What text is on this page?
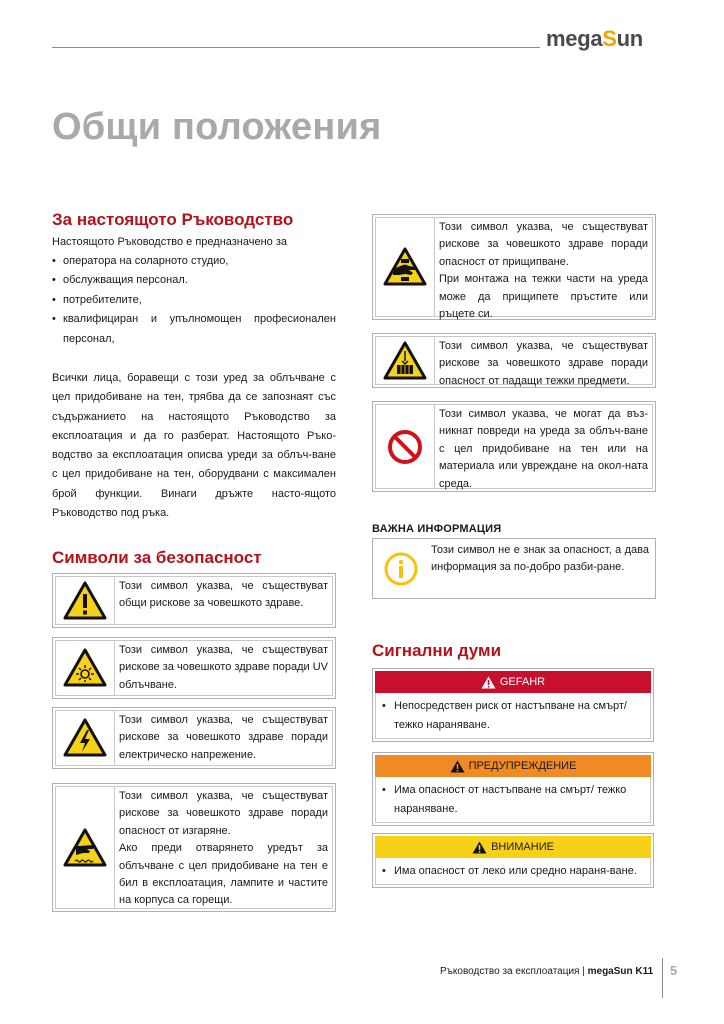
megaSun
Общи положения
За настоящото Ръководство
Настоящото Ръководство е предназначено за
• оператора на соларното студио,
• обслужващия персонал.
• потребителите,
• квалифициран и упълномощен професионален персонал,
Всички лица, боравещи с този уред за облъчване с цел придобиване на тен, трябва да се запознаят със съдържанието на настоящото Ръководство за експлоатация и да го разберат. Настоящото Ръко-водство за експлоатация описва уреди за облъч-ване с цел придобиване на тен, оборудвани с максимален брой функции. Винаги дръжте насто-ящото Ръководство под ръка.
Символи за безопасност

Този символ указва, че съществуват общи рискове за човешкото здраве.

Този символ указва, че съществуват рискове за човешкото здраве поради UV облъчване.

Този символ указва, че съществуват рискове за човешкото здраве поради електрическо напрежение.

Този символ указва, че съществуват рискове за човешкото здраве поради опасност от изгаряне.

Ако преди отварянето уредът за облъчване с цел придобиване на тен е бил в експлоатация, лампите и частите на корпуса са горещи.

Този символ указва, че съществуват рискове за човешкото здраве поради опасност от прищипване.

При монтажа на тежки части на уреда може да прищипете пръстите или ръцете си.

Този символ указва, че съществуват рискове за човешкото здраве поради опасност от падащи тежки предмети.

Този символ указва, че могат да въз-никнат повреди на уреда за облъч-ване с цел придобиване на тен или на материала или увреждане на окол-ната среда.

ВАЖНА ИНФОРМАЦИЯ
Този символ не е знак за опасност, а дава информация за по-добро разби-ране.
Сигнални думи
GEFAHR
• Непосредствен риск от настъпване на смърт/ тежко нараняване.
ПРЕДУПРЕЖДЕНИЕ
• Има опасност от настъпване на смърт/ тежко нараняване.
ВНИМАНИЕ
• Има опасност от леко или средно нараня-ване.
Ръководство за експлоатация | megaSun K11 5
